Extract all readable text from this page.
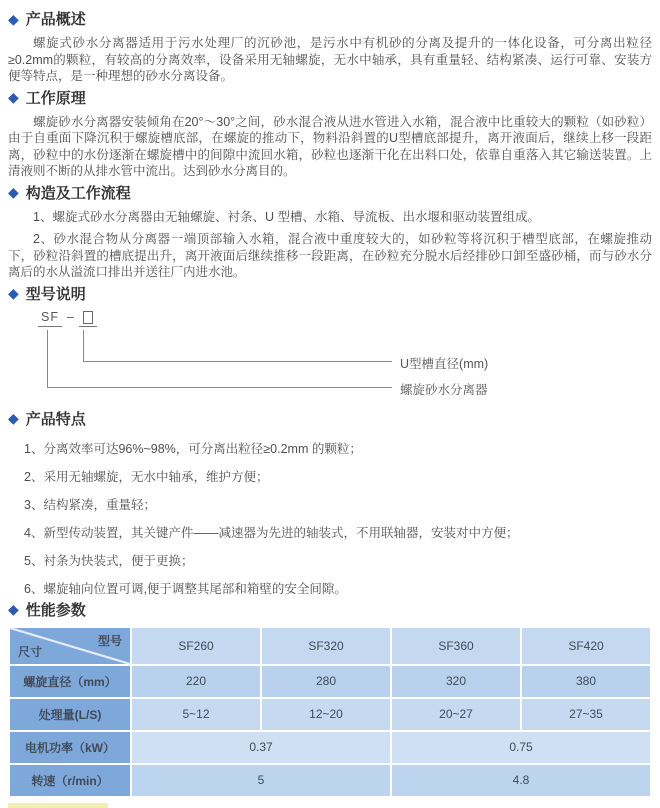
◆ 产品概述

螺旋式砂水分离器适用于污水处理厂的沉砂池，是污水中有机砂的分离及提升的一体化设备，可分离出粒径≥0.2mm的颗粒，有较高的分离效率，设备采用无轴螺旋，无水中轴承，具有重量轻、结构紧凑、运行可靠、安装方便等特点，是一种理想的砂水分离设备。

◆ 工作原理

螺旋砂水分离器安装倾角在20°～30°之间，砂水混合液从进水管进入水箱，混合液中比重较大的颗粒（如砂粒）由于自重面下降沉积于螺旋槽底部，在螺旋的推动下，物料沿斜置的U型槽底部提升，离开液面后，继续上移一段距离，砂粒中的水份逐渐在螺旋槽中的间隙中流回水箱，砂粒也逐渐干化在出料口处，依靠自重落入其它输送装置。上清液则不断的从排水管中流出。达到砂水分离目的。

◆ 构造及工作流程

1、螺旋式砂水分离器由无轴螺旋、衬条、U 型槽、水箱、导流板、出水堰和驱动装置组成。

2、砂水混合物从分离器一端顶部输入水箱，混合液中重度较大的，如砂粒等将沉积于槽型底部，在螺旋推动下，砂粒沿斜置的槽底提出升，离开液面后继续推移一段距离，在砂粒充分脱水后经排砂口卸至盛砂桶，而与砂水分离后的水从溢流口排出并送往厂内进水池。

◆ 型号说明
SF –
U型槽直径(mm)
螺旋砂水分离器
◆ 产品特点

1、分离效率可达96%~98%，可分离出粒径≥0.2mm 的颗粒；

2、采用无轴螺旋，无水中轴承，维护方便；

3、结构紧凑，重量轻；

4、新型传动装置，其关键产件——减速器为先进的轴装式，不用联轴器，安装对中方便；

5、衬条为快装式，便于更换；

6、螺旋轴向位置可调,便于调整其尾部和箱壁的安全间隙。

◆ 性能参数
型号
尺寸	SF260	SF320	SF360	SF420
螺旋直径（mm）	220	280	320	380
处理量(L/S)	5~12	12~20	20~27	27~35
电机功率（kW）	0.37		0.75	
转速（r/min）	5		4.8	
